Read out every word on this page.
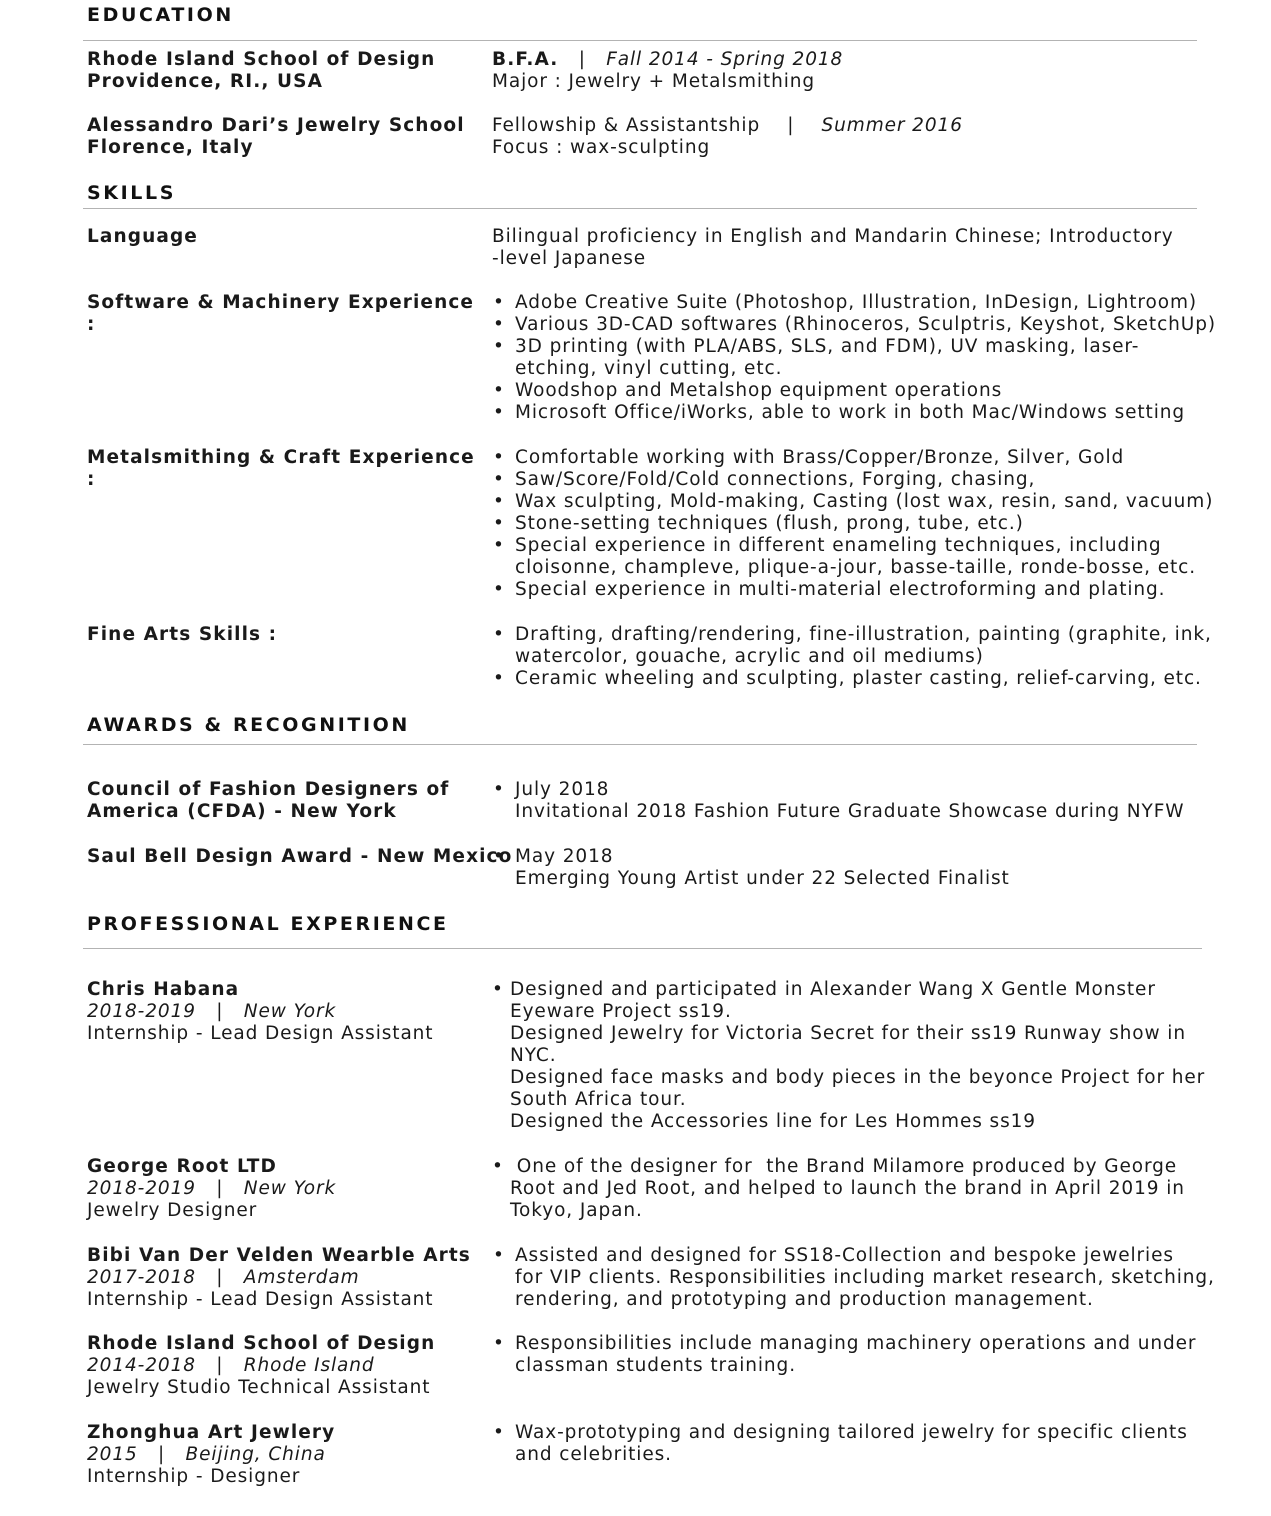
EDUCATION
Rhode Island School of Design
Providence, RI., USA
B.F.A. | Fall 2014 - Spring 2018
Major : Jewelry + Metalsmithing
Alessandro Dari’s Jewelry School
Florence, Italy
Fellowship & Assistantship | Summer 2016
Focus : wax-sculpting
SKILLS
Language	Bilingual proficiency in English and Mandarin Chinese; Introductory
-level Japanese
Software & Machinery Experience :
• Adobe Creative Suite (Photoshop, Illustration, InDesign, Lightroom)
• Various 3D-CAD softwares (Rhinoceros, Sculptris, Keyshot, SketchUp)
• 3D printing (with PLA/ABS, SLS, and FDM), UV masking, laser-
etching, vinyl cutting, etc.
• Woodshop and Metalshop equipment operations
• Microsoft Office/iWorks, able to work in both Mac/Windows setting
Metalsmithing & Craft Experience :
• Comfortable working with Brass/Copper/Bronze, Silver, Gold
• Saw/Score/Fold/Cold connections, Forging, chasing,
• Wax sculpting, Mold-making, Casting (lost wax, resin, sand, vacuum)
• Stone-setting techniques (flush, prong, tube, etc.)
• Special experience in different enameling techniques, including
cloisonne, champleve, plique-a-jour, basse-taille, ronde-bosse, etc.
• Special experience in multi-material electroforming and plating.
Fine Arts Skills :	• Drafting, drafting/rendering, fine-illustration, painting (graphite, ink,
watercolor, gouache, acrylic and oil mediums)
• Ceramic wheeling and sculpting, plaster casting, relief-carving, etc.
AWARDS & RECOGNITION
Council of Fashion Designers of
America (CFDA) - New York
• July 2018
Invitational 2018 Fashion Future Graduate Showcase during NYFW
Saul Bell Design Award - New Mexico • May 2018
Emerging Young Artist under 22 Selected Finalist
PROFESSIONAL EXPERIENCE
Chris Habana
2018-2019 | New York
Internship - Lead Design Assistant
• Designed and participated in Alexander Wang X Gentle Monster
Eyeware Project ss19.
Designed Jewelry for Victoria Secret for their ss19 Runway show in
NYC.
Designed face masks and body pieces in the beyonce Project for her
South Africa tour.
Designed the Accessories line for Les Hommes ss19
George Root LTD
2018-2019 | New York
Jewelry Designer
•  One of the designer for  the Brand Milamore produced by George
Root and Jed Root, and helped to launch the brand in April 2019 in
Tokyo, Japan.
Bibi Van Der Velden Wearble Arts
2017-2018 | Amsterdam
Internship - Lead Design Assistant
• Assisted and designed for SS18-Collection and bespoke jewelries
for VIP clients. Responsibilities including market research, sketching,
rendering, and prototyping and production management.
Rhode Island School of Design
2014-2018 | Rhode Island
Jewelry Studio Technical Assistant
• Responsibilities include managing machinery operations and under
classman students training.
Zhonghua Art Jewlery
2015 | Beijing, China
Internship - Designer
• Wax-prototyping and designing tailored jewelry for specific clients
and celebrities.
